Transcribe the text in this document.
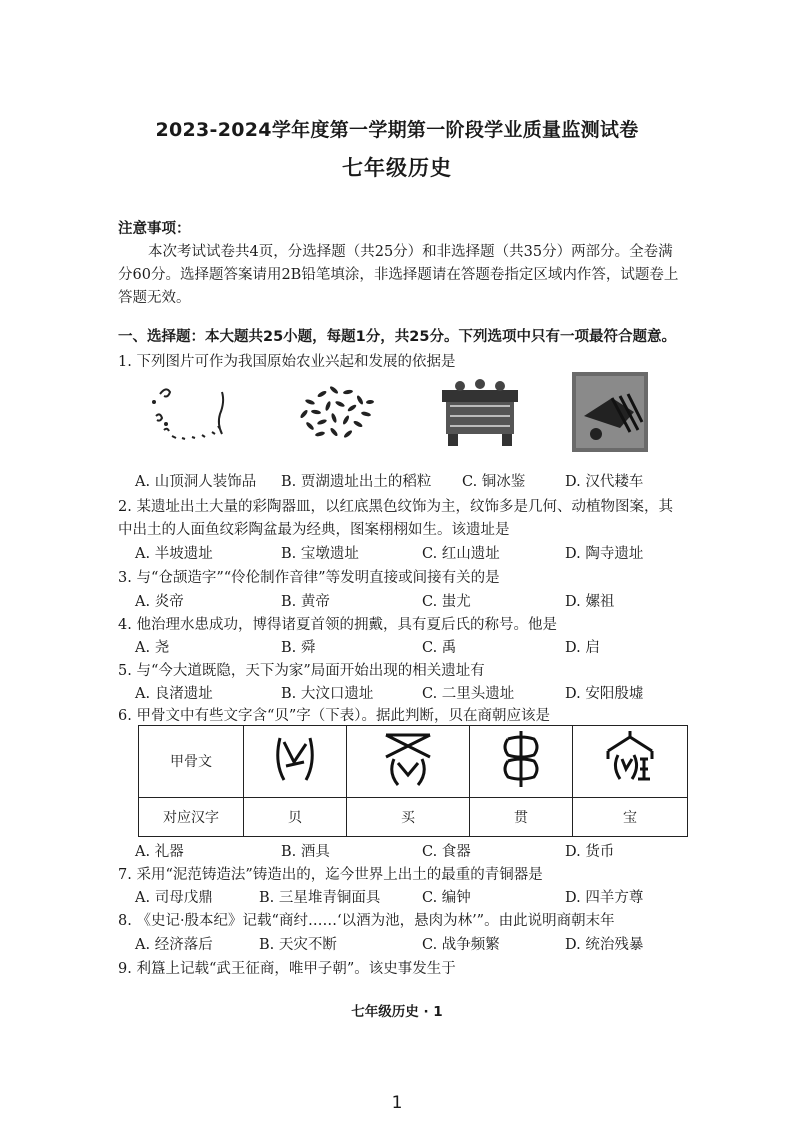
2023-2024学年度第一学期第一阶段学业质量监测试卷
七年级历史
注意事项：
本次考试试卷共4页，分选择题（共25分）和非选择题（共35分）两部分。全卷满
分60分。选择题答案请用2B铅笔填涂，非选择题请在答题卷指定区域内作答，试题卷上
答题无效。
一、选择题：本大题共25小题，每题1分，共25分。下列选项中只有一项最符合题意。
1. 下列图片可作为我国原始农业兴起和发展的依据是
A. 山顶洞人装饰品 B. 贾湖遗址出土的稻粒 C. 铜冰鉴	D. 汉代耧车
2. 某遗址出土大量的彩陶器皿，以红底黑色纹饰为主，纹饰多是几何、动植物图案，其
中出土的人面鱼纹彩陶盆最为经典，图案栩栩如生。该遗址是
A. 半坡遗址	B. 宝墩遗址	C. 红山遗址	D. 陶寺遗址
3. 与“仓颉造字”“伶伦制作音律”等发明直接或间接有关的是
A. 炎帝	B. 黄帝	C. 蚩尤	D. 嫘祖
4. 他治理水患成功，博得诸夏首领的拥戴，具有夏后氏的称号。他是
A. 尧	B. 舜	C. 禹	D. 启
5. 与“今大道既隐，天下为家”局面开始出现的相关遗址有
A. 良渚遗址	B. 大汶口遗址	C. 二里头遗址	D. 安阳殷墟
6. 甲骨文中有些文字含“贝”字（下表）。据此判断，贝在商朝应该是
甲骨文				
对应汉字	贝	买	贯	宝
A. 礼器	B. 酒具	C. 食器	D. 货币
7. 采用“泥范铸造法”铸造出的，迄今世界上出土的最重的青铜器是
A. 司母戊鼎	B. 三星堆青铜面具	C. 编钟	D. 四羊方尊
8. 《史记·殷本纪》记载“商纣……‘以酒为池，悬肉为林’”。由此说明商朝末年
A. 经济落后	B. 天灾不断	C. 战争频繁	D. 统治残暴
9. 利簋上记载“武王征商，唯甲子朝”。该史事发生于
七年级历史 · 1
1
